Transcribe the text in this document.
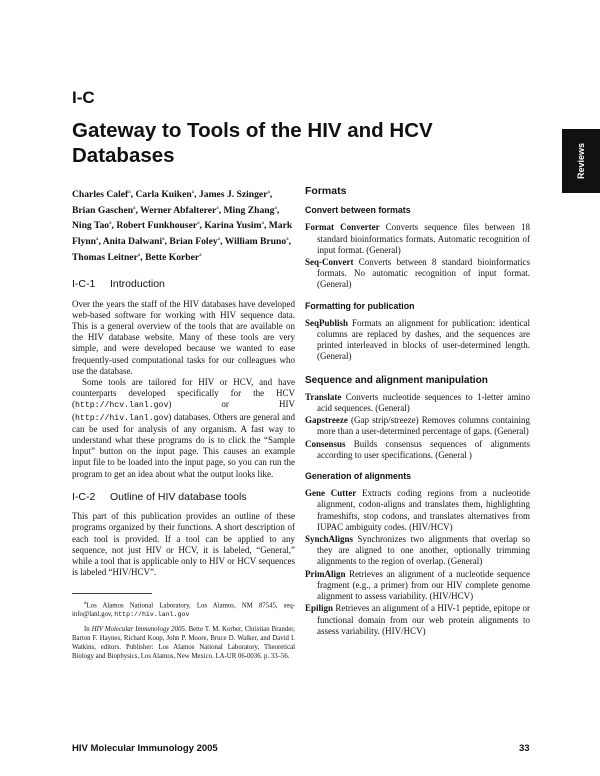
I-C
Gateway to Tools of the HIV and HCV Databases	Reviews

Charles Calef$^a$, Carla Kuiken$^a$, James J. Szinger$^a$, Brian Gaschen$^a$, Werner Abfalterer$^a$, Ming Zhang$^a$, Ning Tao$^a$, Robert Funkhouser$^a$, Karina Yusim$^a$, Mark Flynn$^a$, Anita Dalwani$^a$, Brian Foley$^a$, William Bruno$^a$, Thomas Leitner$^a$, Bette Korber$^a$

I-C-1 Introduction

Over the years the staff of the HIV databases have developed web-based software for working with HIV sequence data. This is a general overview of the tools that are available on the HIV database website. Many of these tools are very simple, and were developed because we wanted to ease frequently-used computational tasks for our colleagues who use the database.

Some tools are tailored for HIV or HCV, and have counterparts developed specifically for the HCV (http://hcv.lanl.gov) or HIV (http://hiv.lanl.gov) databases. Others are general and can be used for analysis of any organism. A fast way to understand what these programs do is to click the “Sample Input” button on the input page. This causes an example input file to be loaded into the input page, so you can run the program to get an idea about what the output looks like.

I-C-2 Outline of HIV database tools

This part of this publication provides an outline of these programs organized by their functions. A short description of each tool is provided. If a tool can be applied to any sequence, not just HIV or HCV, it is labeled, “General,” while a tool that is applicable only to HIV or HCV sequences is labeled “HIV/HCV”.

$^a$Los Alamos National Laboratory, Los Alamos, NM 87545, seq-info@lanl.gov, http://hiv.lanl.gov

In HIV Molecular Immunology 2005. Bette T. M. Korber, Christian Brander, Barton F. Haynes, Richard Koup, John P. Moore, Bruce D. Walker, and David I. Watkins, editors. Publisher: Los Alamos National Laboratory, Theoretical Biology and Biophysics, Los Alamos, New Mexico. LA-UR 06-0036. p. 33–56.

Formats
Convert between formats

Format Converter Converts sequence files between 18 standard bioinformatics formats. Automatic recognition of input format. (General)

Seq-Convert Converts between 8 standard bioinformatics formats. No automatic recognition of input format. (General)

Formatting for publication

SeqPublish Formats an alignment for publication: identical columns are replaced by dashes, and the sequences are printed interleaved in blocks of user-determined length. (General)

Sequence and alignment manipulation

Translate Converts nucleotide sequences to 1-letter amino acid sequences. (General)

Gapstreeze (Gap strip/streeze) Removes columns containing more than a user-determined percentage of gaps. (General)

Consensus Builds consensus sequences of alignments according to user specifications. (General )

Generation of alignments

Gene Cutter Extracts coding regions from a nucleotide alignment, codon-aligns and translates them, highlighting frameshifts, stop codons, and translates alternatives from IUPAC ambiguity codes. (HIV/HCV)

SynchAligns Synchronizes two alignments that overlap so they are aligned to one another, optionally trimming alignments to the region of overlap. (General)

PrimAlign Retrieves an alignment of a nucleotide sequence fragment (e.g., a primer) from our HIV complete genome alignment to assess variability. (HIV/HCV)

Epilign Retrieves an alignment of a HIV-1 peptide, epitope or functional domain from our web protein alignments to assess variability. (HIV/HCV)

HIV Molecular Immunology 2005	33
